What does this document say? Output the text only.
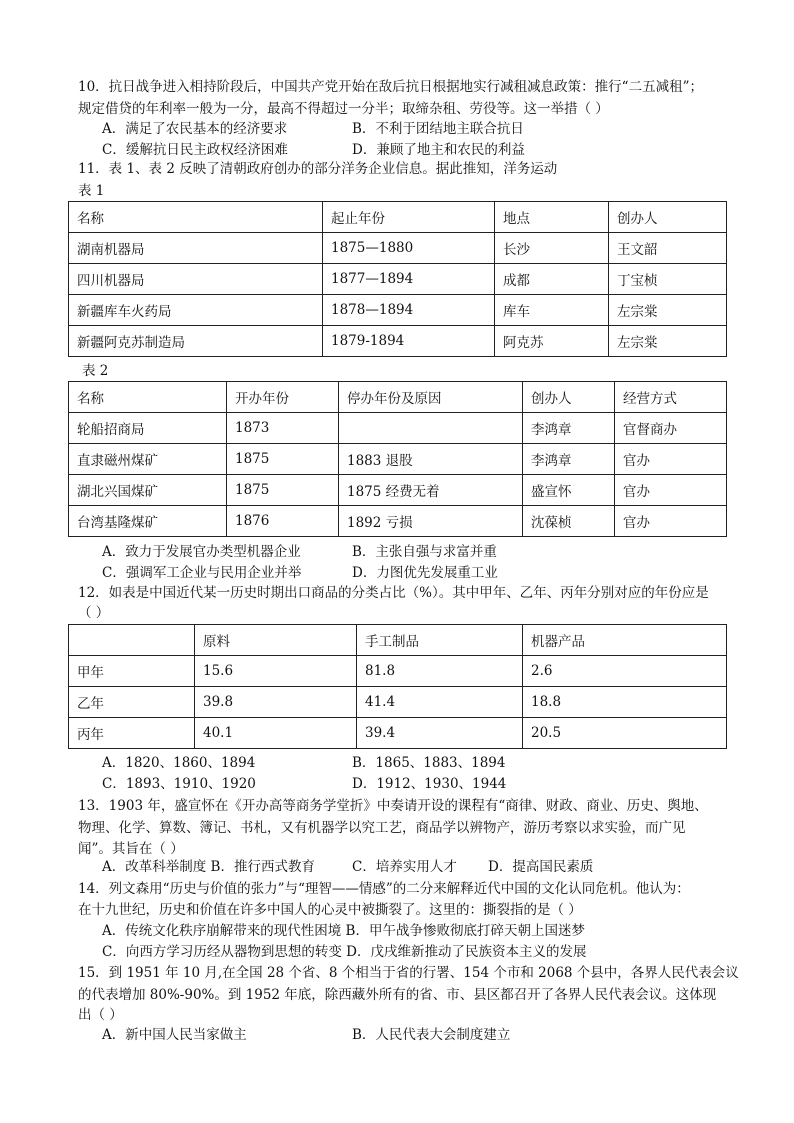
10．抗日战争进入相持阶段后，中国共产党开始在敌后抗日根据地实行减租减息政策：推行“二五减租”；
规定借贷的年利率一般为一分，最高不得超过一分半；取缔杂租、劳役等。这一举措（ ）
A．满足了农民基本的经济要求	B．不利于团结地主联合抗日
C．缓解抗日民主政权经济困难	D．兼顾了地主和农民的利益
11．表 1、表 2 反映了清朝政府创办的部分洋务企业信息。据此推知，洋务运动
表 1
名称	起止年份	地点	创办人
湖南机器局	1875—1880	长沙	王文韶
四川机器局	1877—1894	成都	丁宝桢
新疆库车火药局	1878—1894	库车	左宗棠
新疆阿克苏制造局	1879-1894	阿克苏	左宗棠
表 2
名称	开办年份	停办年份及原因	创办人	经营方式
轮船招商局	1873		李鸿章	官督商办
直隶磁州煤矿	1875	1883 退股	李鸿章	官办
湖北兴国煤矿	1875	1875 经费无着	盛宣怀	官办
台湾基隆煤矿	1876	1892 亏损	沈葆桢	官办
A．致力于发展官办类型机器企业	B．主张自强与求富并重
C．强调军工企业与民用企业并举	D．力图优先发展重工业
12．如表是中国近代某一历史时期出口商品的分类占比（%）。其中甲年、乙年、丙年分别对应的年份应是
（ ）
	原料	手工制品	机器产品
甲年	15.6	81.8	2.6
乙年	39.8	41.4	18.8
丙年	40.1	39.4	20.5
A．1820、1860、1894	B．1865、1883、1894
C．1893、1910、1920	D．1912、1930、1944
13．1903 年，盛宣怀在《开办高等商务学堂折》中奏请开设的课程有“商律、财政、商业、历史、舆地、
物理、化学、算数、簿记、书札，又有机器学以究工艺，商品学以辨物产，游历考察以求实验，而广见
闻”。其旨在（ ）
A．改革科举制度 B．推行西式教育	C．培养实用人才 D．提高国民素质
14．列文森用“历史与价值的张力”与“理智——情感”的二分来解释近代中国的文化认同危机。他认为：
在十九世纪，历史和价值在许多中国人的心灵中被撕裂了。这里的：撕裂指的是（ ）
A．传统文化秩序崩解带来的现代性困境 B．甲午战争惨败彻底打碎天朝上国迷梦
C．向西方学习历经从器物到思想的转变 D．戊戌维新推动了民族资本主义的发展
15．到 1951 年 10 月,在全国 28 个省、8 个相当于省的行署、154 个市和 2068 个县中，各界人民代表会议
的代表增加 80%-90%。到 1952 年底，除西藏外所有的省、市、县区都召开了各界人民代表会议。这体现
出（ ）
A．新中国人民当家做主	B．人民代表大会制度建立
